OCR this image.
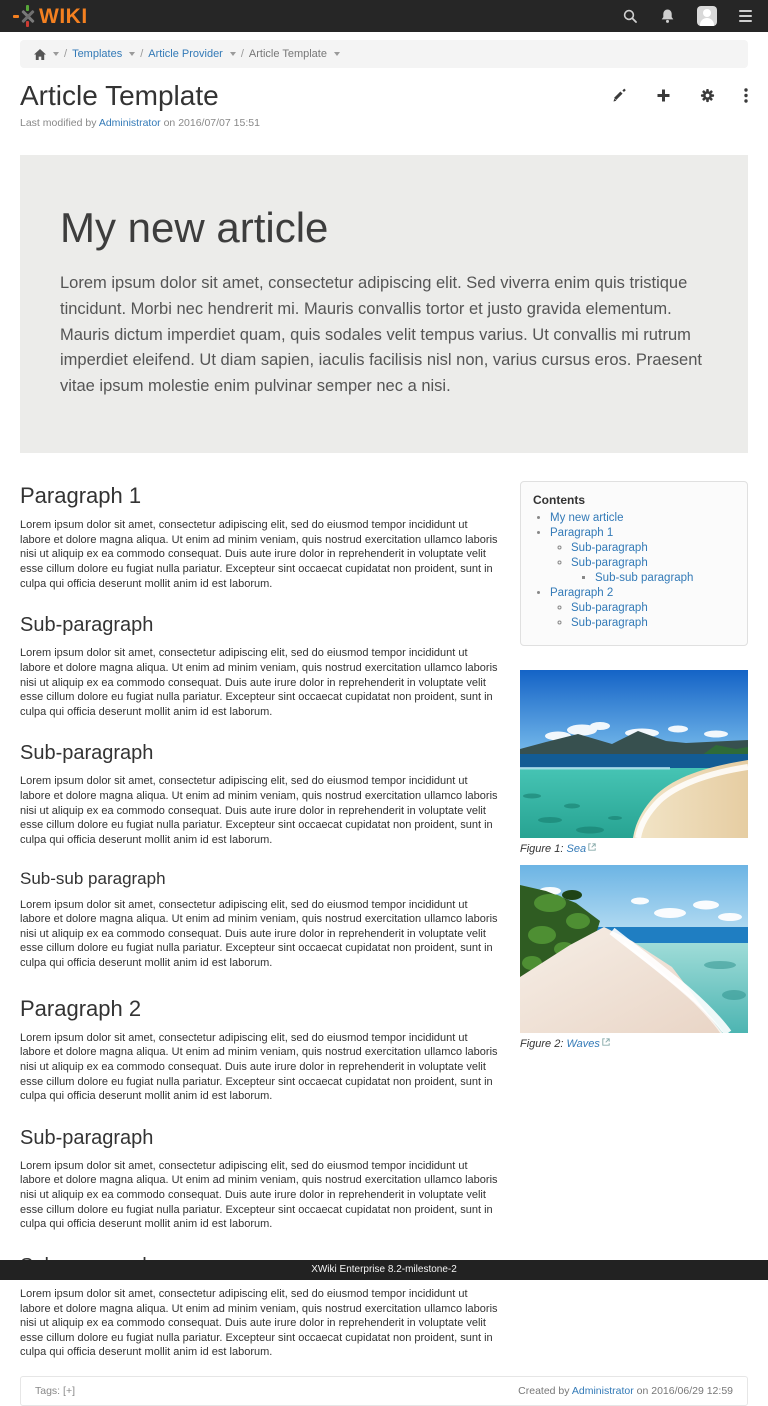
WIKI
/ Templates / Article Provider / Article Template
Article Template
Last modified by Administrator on 2016/07/07 15:51
My new article

Lorem ipsum dolor sit amet, consectetur adipiscing elit. Sed viverra enim quis tristique tincidunt. Morbi nec hendrerit mi. Mauris convallis tortor et justo gravida elementum. Mauris dictum imperdiet quam, quis sodales velit tempus varius. Ut convallis mi rutrum imperdiet eleifend. Ut diam sapien, iaculis facilisis nisl non, varius cursus eros. Praesent vitae ipsum molestie enim pulvinar semper nec a nisi.

Paragraph 1

Lorem ipsum dolor sit amet, consectetur adipiscing elit, sed do eiusmod tempor incididunt ut labore et dolore magna aliqua. Ut enim ad minim veniam, quis nostrud exercitation ullamco laboris nisi ut aliquip ex ea commodo consequat. Duis aute irure dolor in reprehenderit in voluptate velit esse cillum dolore eu fugiat nulla pariatur. Excepteur sint occaecat cupidatat non proident, sunt in culpa qui officia deserunt mollit anim id est laborum.

Sub-paragraph

Lorem ipsum dolor sit amet, consectetur adipiscing elit, sed do eiusmod tempor incididunt ut labore et dolore magna aliqua. Ut enim ad minim veniam, quis nostrud exercitation ullamco laboris nisi ut aliquip ex ea commodo consequat. Duis aute irure dolor in reprehenderit in voluptate velit esse cillum dolore eu fugiat nulla pariatur. Excepteur sint occaecat cupidatat non proident, sunt in culpa qui officia deserunt mollit anim id est laborum.

Sub-paragraph

Lorem ipsum dolor sit amet, consectetur adipiscing elit, sed do eiusmod tempor incididunt ut labore et dolore magna aliqua. Ut enim ad minim veniam, quis nostrud exercitation ullamco laboris nisi ut aliquip ex ea commodo consequat. Duis aute irure dolor in reprehenderit in voluptate velit esse cillum dolore eu fugiat nulla pariatur. Excepteur sint occaecat cupidatat non proident, sunt in culpa qui officia deserunt mollit anim id est laborum.

Sub-sub paragraph

Lorem ipsum dolor sit amet, consectetur adipiscing elit, sed do eiusmod tempor incididunt ut labore et dolore magna aliqua. Ut enim ad minim veniam, quis nostrud exercitation ullamco laboris nisi ut aliquip ex ea commodo consequat. Duis aute irure dolor in reprehenderit in voluptate velit esse cillum dolore eu fugiat nulla pariatur. Excepteur sint occaecat cupidatat non proident, sunt in culpa qui officia deserunt mollit anim id est laborum.

Paragraph 2

Lorem ipsum dolor sit amet, consectetur adipiscing elit, sed do eiusmod tempor incididunt ut labore et dolore magna aliqua. Ut enim ad minim veniam, quis nostrud exercitation ullamco laboris nisi ut aliquip ex ea commodo consequat. Duis aute irure dolor in reprehenderit in voluptate velit esse cillum dolore eu fugiat nulla pariatur. Excepteur sint occaecat cupidatat non proident, sunt in culpa qui officia deserunt mollit anim id est laborum.

Sub-paragraph

Lorem ipsum dolor sit amet, consectetur adipiscing elit, sed do eiusmod tempor incididunt ut labore et dolore magna aliqua. Ut enim ad minim veniam, quis nostrud exercitation ullamco laboris nisi ut aliquip ex ea commodo consequat. Duis aute irure dolor in reprehenderit in voluptate velit esse cillum dolore eu fugiat nulla pariatur. Excepteur sint occaecat cupidatat non proident, sunt in culpa qui officia deserunt mollit anim id est laborum.

Lorem ipsum dolor sit amet, consectetur adipiscing elit, sed do eiusmod tempor incididunt ut labore et dolore magna aliqua. Ut enim ad minim veniam, quis nostrud exercitation ullamco laboris nisi ut aliquip ex ea commodo consequat. Duis aute irure dolor in reprehenderit in voluptate velit esse cillum dolore eu fugiat nulla pariatur. Excepteur sint occaecat cupidatat non proident, sunt in culpa qui officia deserunt mollit anim id est laborum.

Contents
• My new article
• Paragraph 1
◦ Sub-paragraph
◦ Sub-paragraph
▪ Sub-sub paragraph
• Paragraph 2
◦ Sub-paragraph
◦ Sub-paragraph
Figure 1: Sea
Figure 2: Waves
Tags:
[+]	Created by Administrator on 2016/06/29 12:59
XWiki Enterprise 8.2-milestone-2
